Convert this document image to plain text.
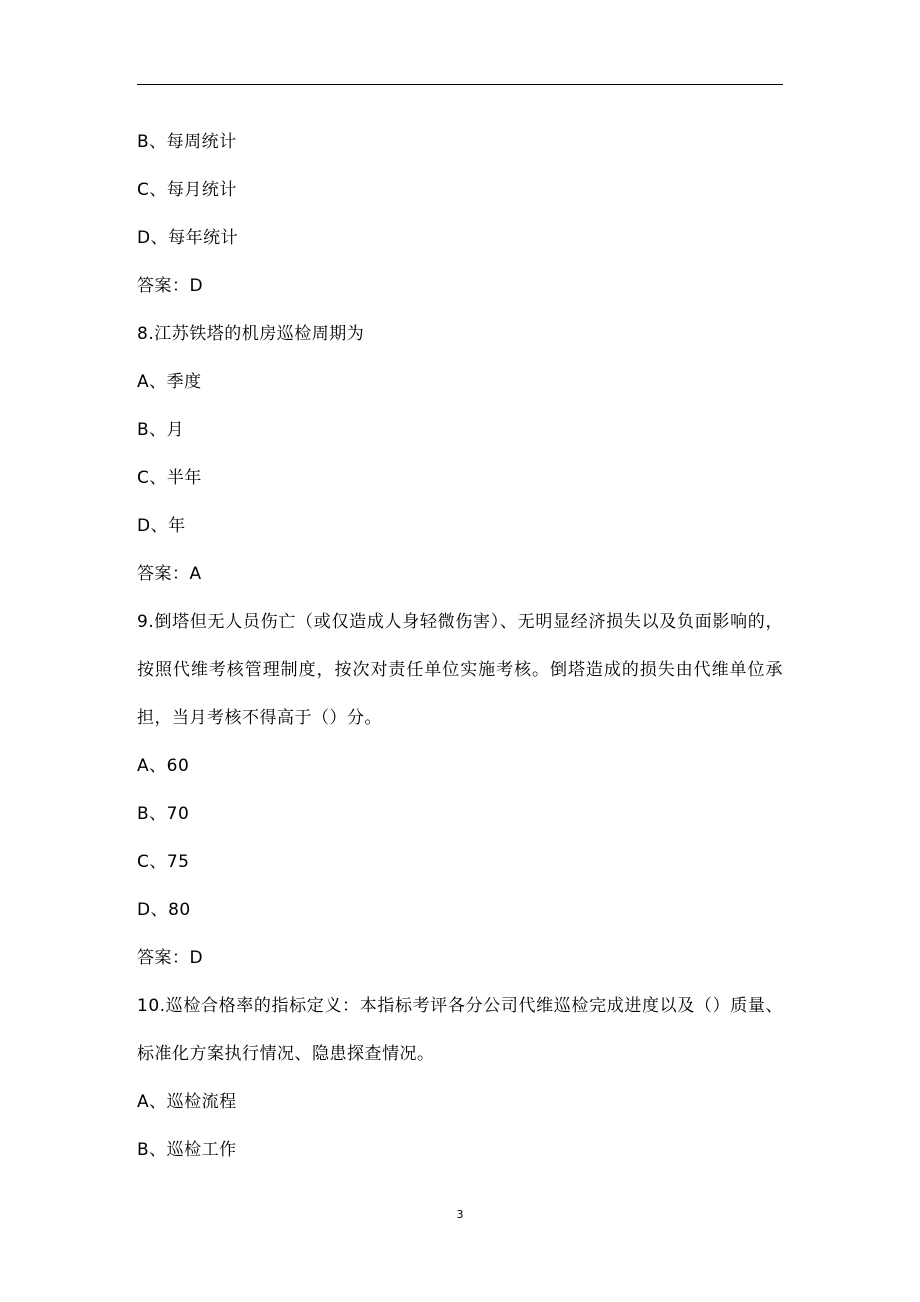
B、每周统计
C、每月统计
D、每年统计
答案：D
8.江苏铁塔的机房巡检周期为
A、季度
B、月
C、半年
D、年
答案：A
9.倒塔但无人员伤亡（或仅造成人身轻微伤害）、无明显经济损失以及负面影响的，按照代维考核管理制度，按次对责任单位实施考核。倒塔造成的损失由代维单位承担，当月考核不得高于（）分。
A、60
B、70
C、75
D、80
答案：D
10.巡检合格率的指标定义：本指标考评各分公司代维巡检完成进度以及（）质量、标准化方案执行情况、隐患探查情况。
A、巡检流程
B、巡检工作
3
